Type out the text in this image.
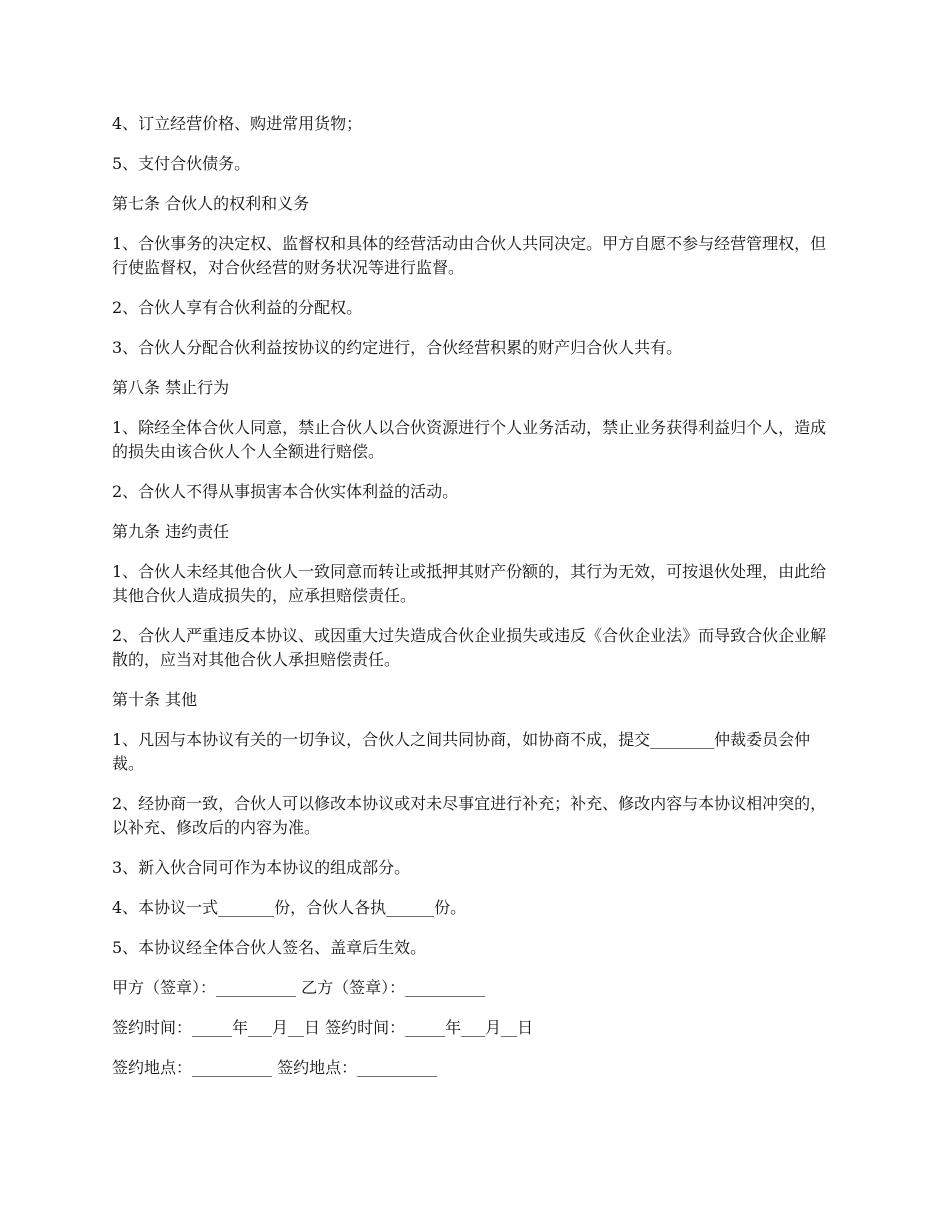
4、订立经营价格、购进常用货物；

5、支付合伙债务。

第七条 合伙人的权利和义务

1、合伙事务的决定权、监督权和具体的经营活动由合伙人共同决定。甲方自愿不参与经营管理权，但行使监督权，对合伙经营的财务状况等进行监督。

2、合伙人享有合伙利益的分配权。

3、合伙人分配合伙利益按协议的约定进行，合伙经营积累的财产归合伙人共有。

第八条 禁止行为

1、除经全体合伙人同意，禁止合伙人以合伙资源进行个人业务活动，禁止业务获得利益归个人，造成的损失由该合伙人个人全额进行赔偿。

2、合伙人不得从事损害本合伙实体利益的活动。

第九条 违约责任

1、合伙人未经其他合伙人一致同意而转让或抵押其财产份额的，其行为无效，可按退伙处理，由此给其他合伙人造成损失的，应承担赔偿责任。

2、合伙人严重违反本协议、或因重大过失造成合伙企业损失或违反《合伙企业法》而导致合伙企业解散的，应当对其他合伙人承担赔偿责任。

第十条 其他

1、凡因与本协议有关的一切争议，合伙人之间共同协商，如协商不成，提交________仲裁委员会仲裁。

2、经协商一致，合伙人可以修改本协议或对未尽事宜进行补充；补充、修改内容与本协议相冲突的，以补充、修改后的内容为准。

3、新入伙合同可作为本协议的组成部分。

4、本协议一式_______份，合伙人各执______份。

5、本协议经全体合伙人签名、盖章后生效。

甲方（签章）：__________ 乙方（签章）：__________

签约时间：_____年___月__日 签约时间：_____年___月__日

签约地点：__________ 签约地点：__________
